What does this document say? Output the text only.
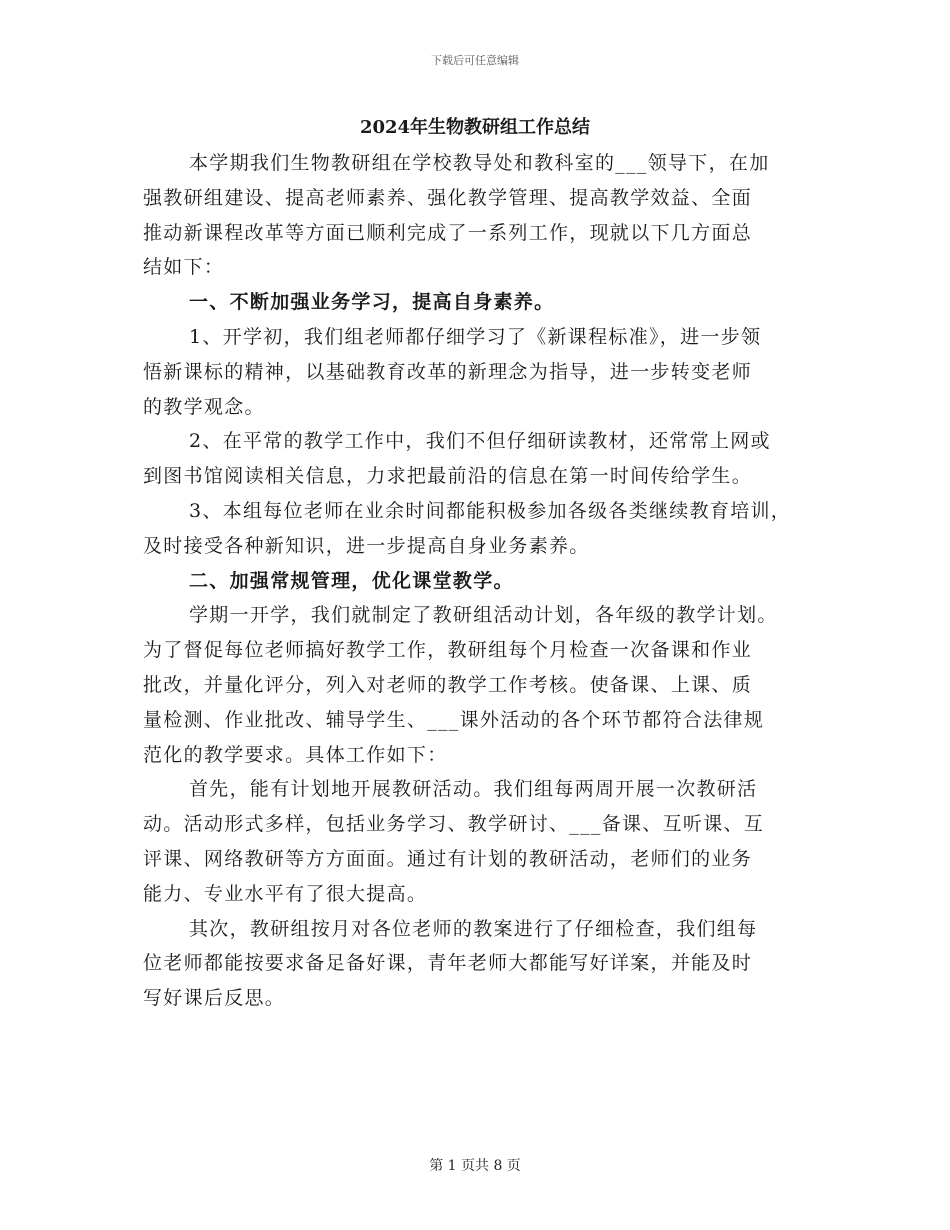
下载后可任意编辑
2024年生物教研组工作总结

本学期我们生物教研组在学校教导处和教科室的___领导下，在加
强教研组建设、提高老师素养、强化教学管理、提高教学效益、全面
推动新课程改革等方面已顺利完成了一系列工作，现就以下几方面总
结如下：

一、不断加强业务学习，提高自身素养。

1、开学初，我们组老师都仔细学习了《新课程标准》，进一步领
悟新课标的精神，以基础教育改革的新理念为指导，进一步转变老师
的教学观念。

2、在平常的教学工作中，我们不但仔细研读教材，还常常上网或
到图书馆阅读相关信息，力求把最前沿的信息在第一时间传给学生。

3、本组每位老师在业余时间都能积极参加各级各类继续教育培训，
及时接受各种新知识，进一步提高自身业务素养。

二、加强常规管理，优化课堂教学。

学期一开学，我们就制定了教研组活动计划，各年级的教学计划。
为了督促每位老师搞好教学工作，教研组每个月检查一次备课和作业
批改，并量化评分，列入对老师的教学工作考核。使备课、上课、质
量检测、作业批改、辅导学生、___课外活动的各个环节都符合法律规
范化的教学要求。具体工作如下：

首先，能有计划地开展教研活动。我们组每两周开展一次教研活
动。活动形式多样，包括业务学习、教学研讨、___备课、互听课、互
评课、网络教研等方方面面。通过有计划的教研活动，老师们的业务
能力、专业水平有了很大提高。

其次，教研组按月对各位老师的教案进行了仔细检查，我们组每
位老师都能按要求备足备好课，青年老师大都能写好详案，并能及时
写好课后反思。

第 1 页共 8 页
